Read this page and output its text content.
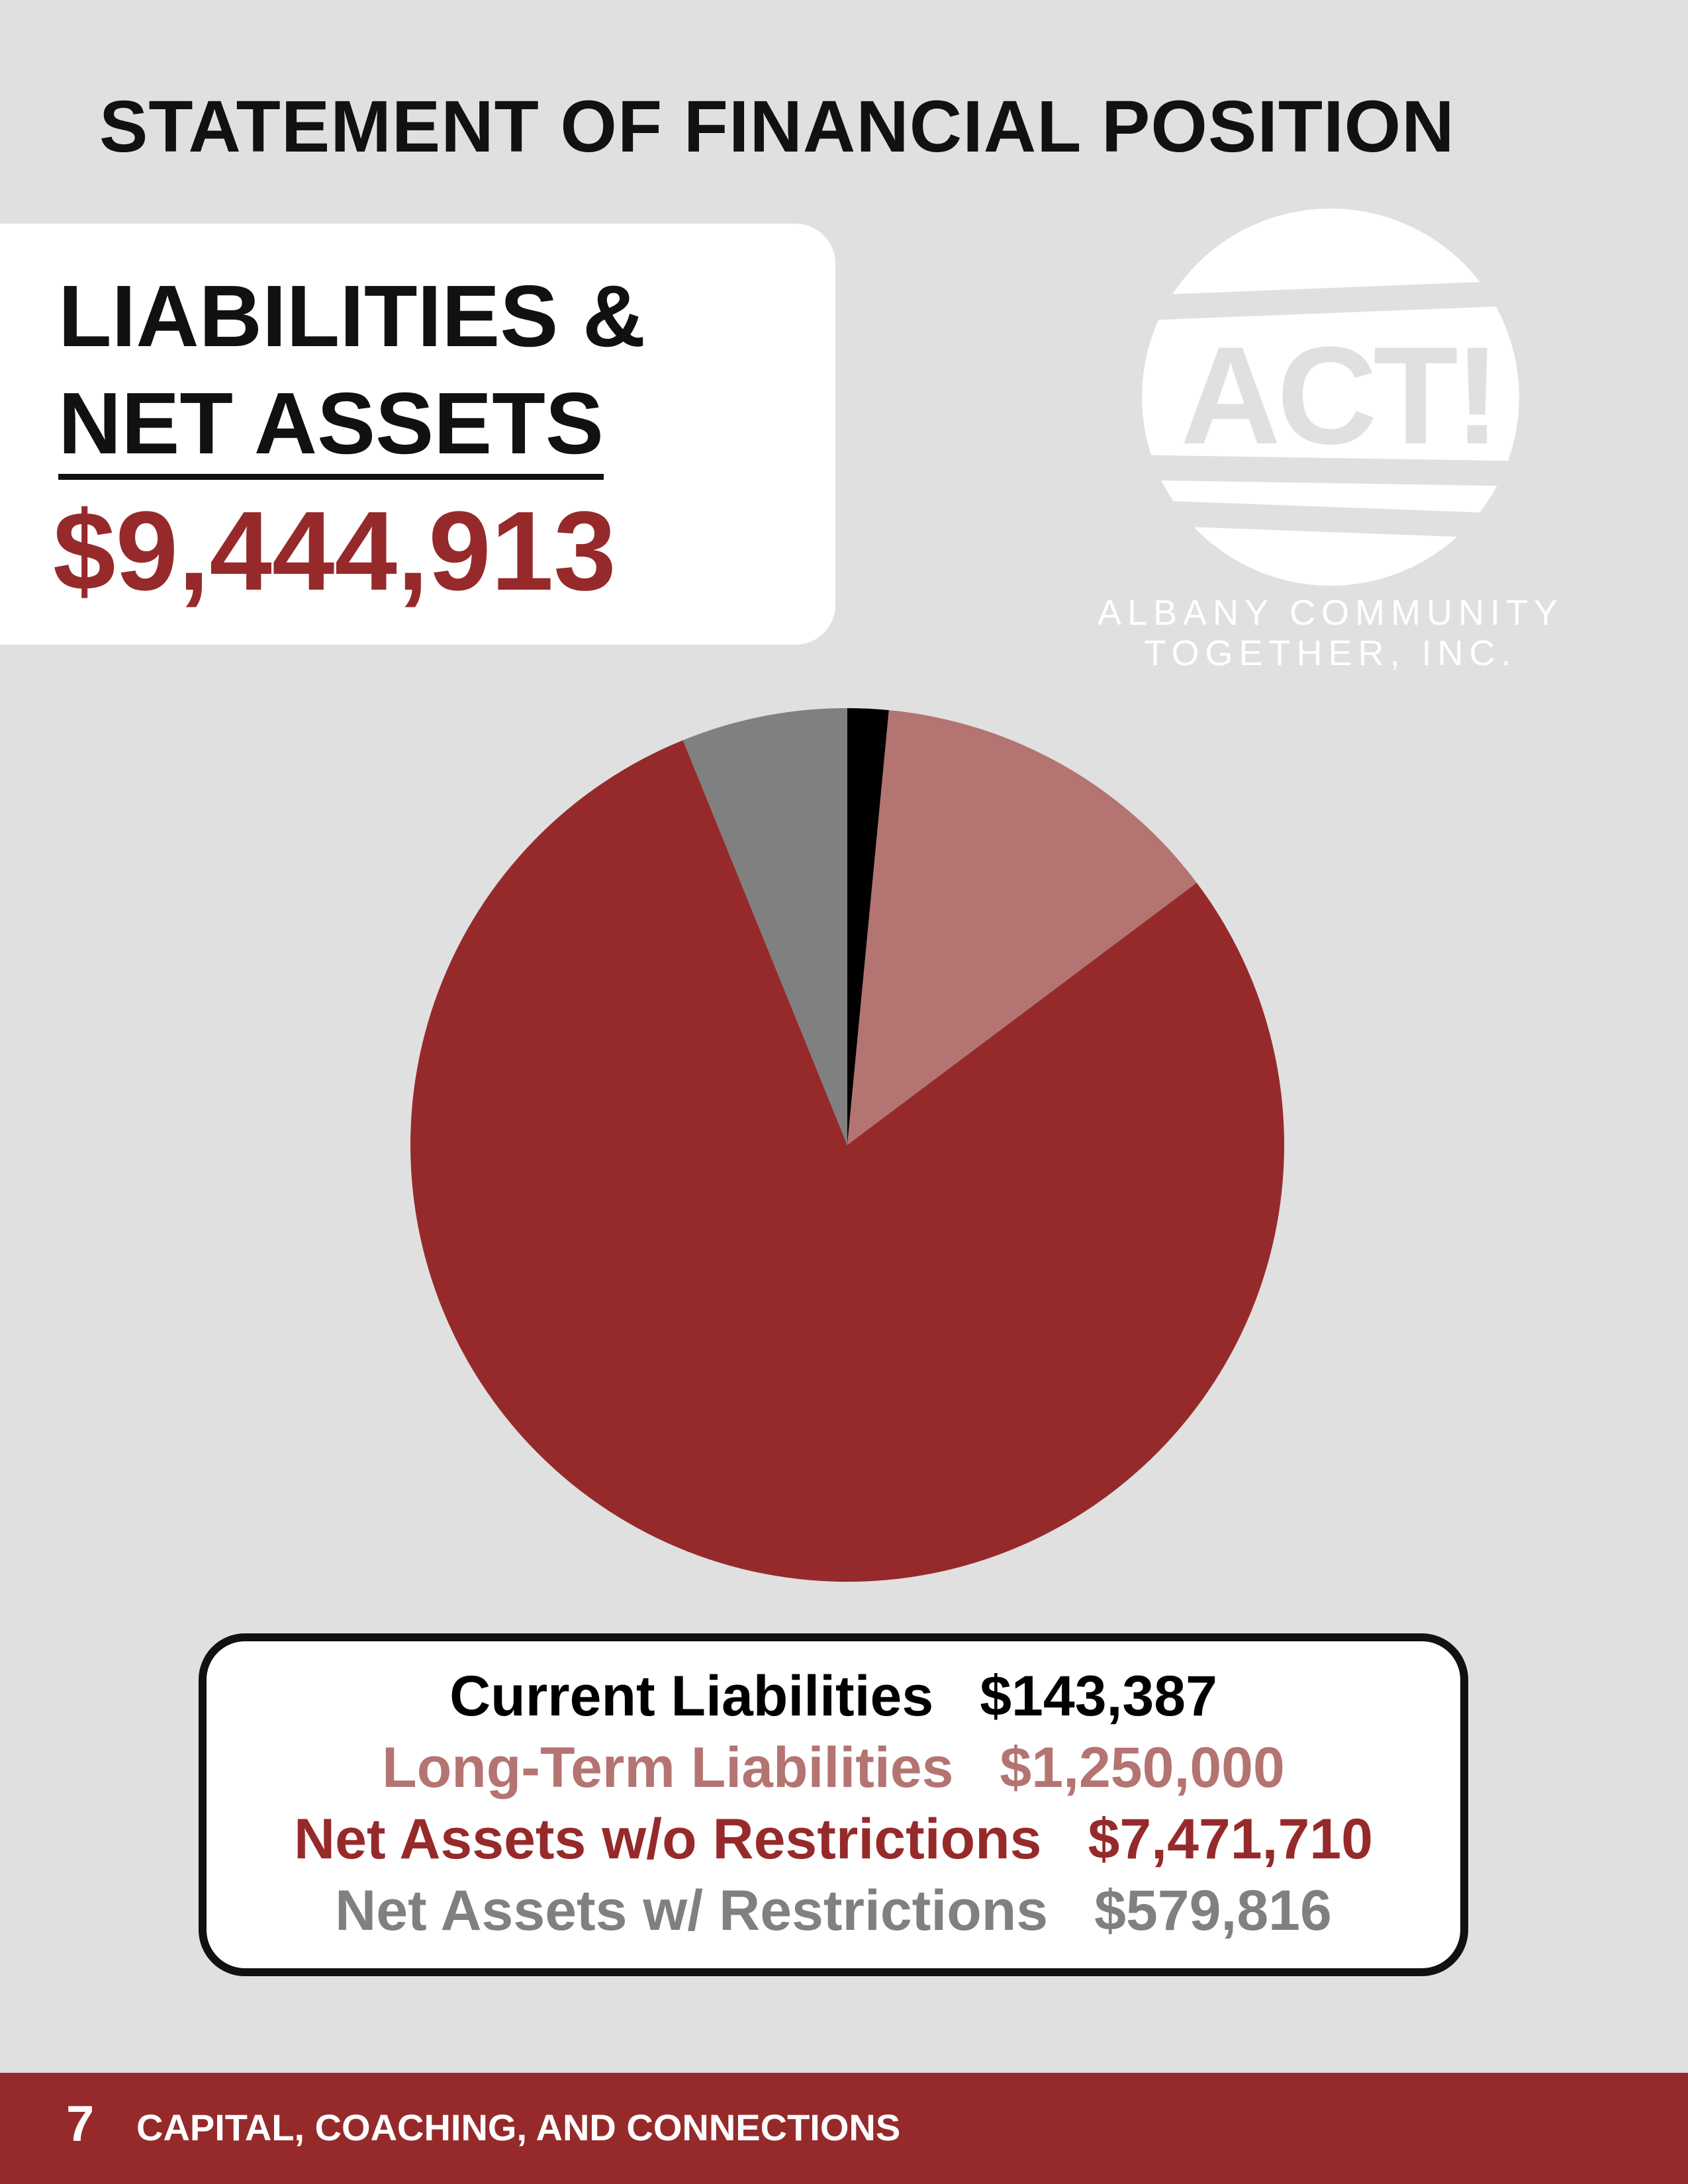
STATEMENT OF FINANCIAL POSITION
LIABILITIES &
NET ASSETS
$9,444,913
ACT!
ALBANY COMMUNITY
TOGETHER, INC.
Current Liabilities $143,387
Long-Term Liabilities $1,250,000
Net Assets w/o Restrictions $7,471,710
Net Assets w/ Restrictions $579,816
7 CAPITAL, COACHING, AND CONNECTIONS
